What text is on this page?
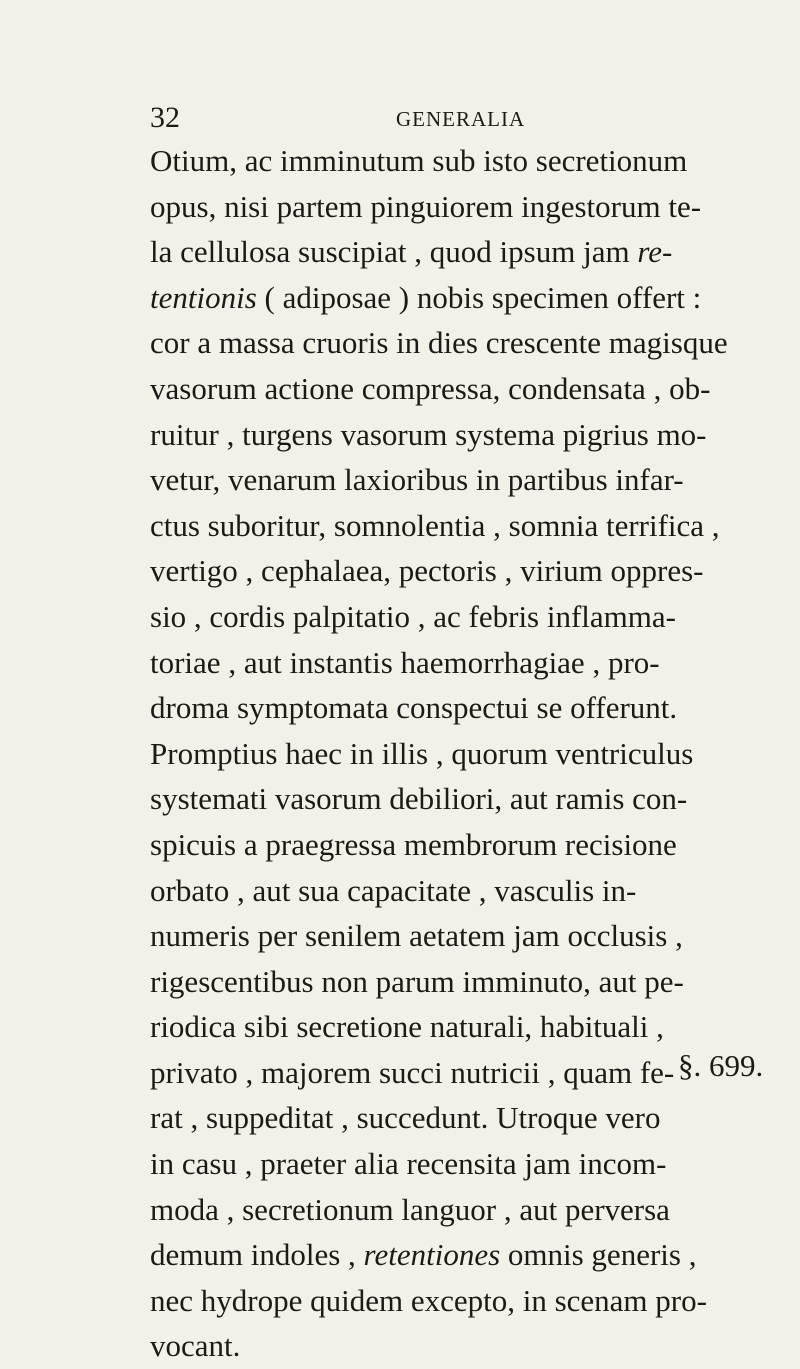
32	GENERALIA
Otium, ac imminutum sub isto secretionum
opus, nisi partem pinguiorem ingestorum te-
la cellulosa suscipiat , quod ipsum jam re-
tentionis ( adiposae ) nobis specimen offert :
cor a massa cruoris in dies crescente magisque
vasorum actione compressa, condensata , ob-
ruitur , turgens vasorum systema pigrius mo-
vetur, venarum laxioribus in partibus infar-
ctus suboritur, somnolentia , somnia terrifica ,
vertigo , cephalaea, pectoris , virium oppres-
sio , cordis palpitatio , ac febris inflamma-
toriae , aut instantis haemorrhagiae , pro-
droma symptomata conspectui se offerunt.
Promptius haec in illis , quorum ventriculus
systemati vasorum debiliori, aut ramis con-
spicuis a praegressa membrorum recisione
orbato , aut sua capacitate , vasculis in-
numeris per senilem aetatem jam occlusis ,
rigescentibus non parum imminuto, aut pe-
riodica sibi secretione naturali, habituali ,
privato , majorem succi nutricii , quam fe-
rat , suppeditat , succedunt. Utroque vero
in casu , praeter alia recensita jam incom-
moda , secretionum languor , aut perversa
demum indoles , retentiones omnis generis ,
nec hydrope quidem excepto, in scenam pro-
vocant.
§. 699.
